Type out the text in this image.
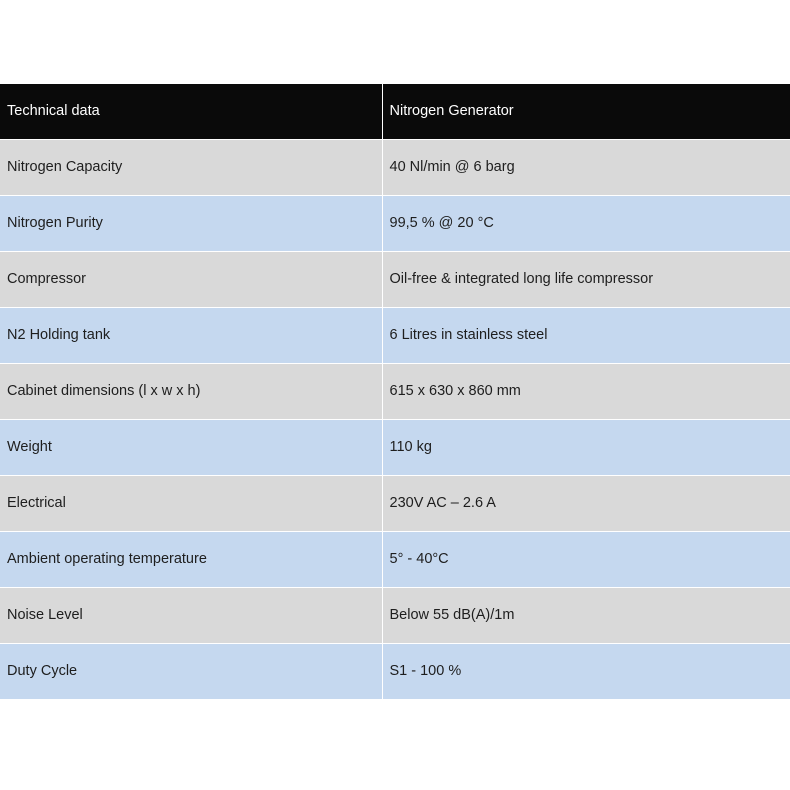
Technical data	Nitrogen Generator
Nitrogen Capacity	40 Nl/min @ 6 barg
Nitrogen Purity	99,5 % @ 20 °C
Compressor	Oil-free & integrated long life compressor
N2 Holding tank	6 Litres in stainless steel
Cabinet dimensions (l x w x h)	615 x 630 x 860 mm
Weight	110 kg
Electrical	230V AC – 2.6 A
Ambient operating temperature	5° - 40°C
Noise Level	Below 55 dB(A)/1m
Duty Cycle	S1 - 100 %
